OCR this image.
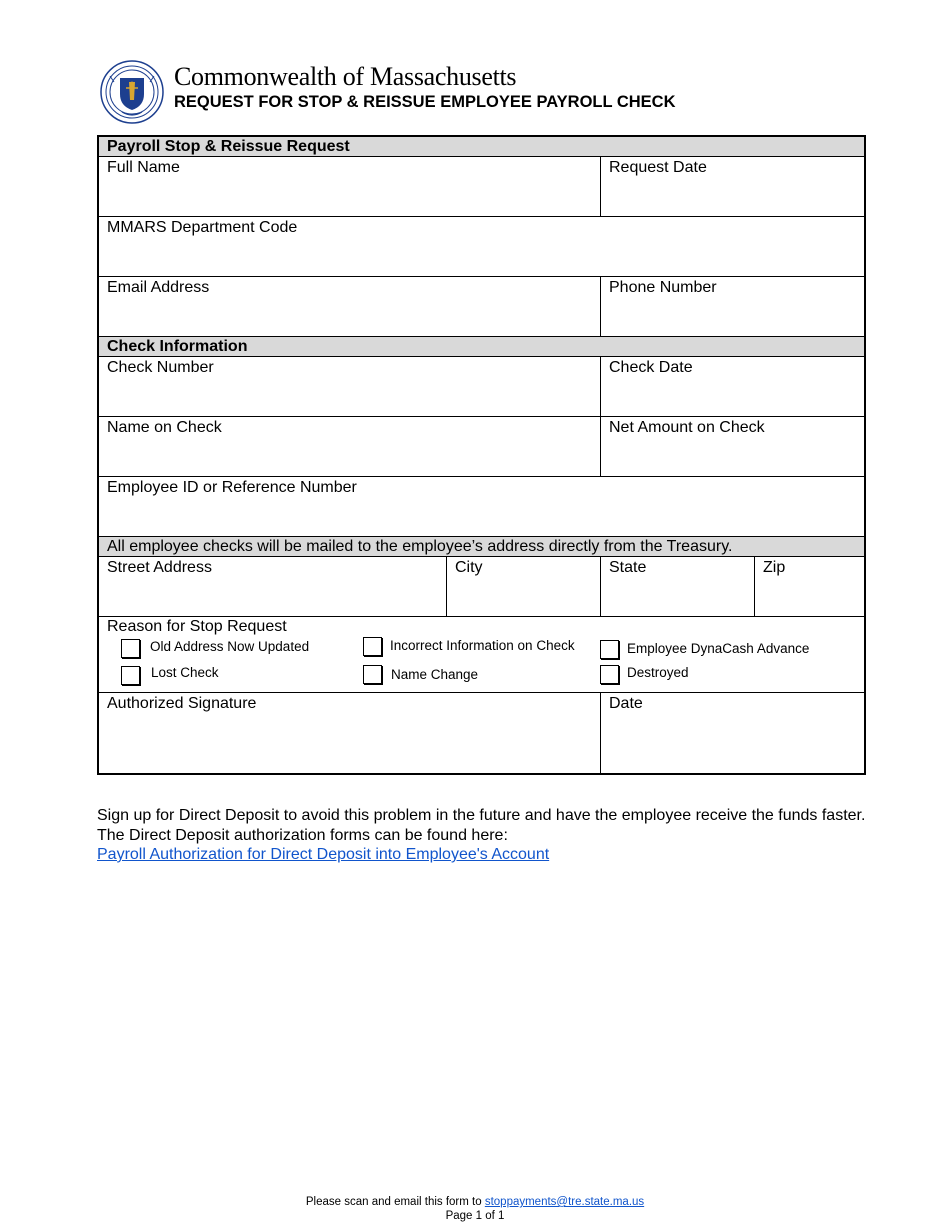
Commonwealth of Massachusetts
REQUEST FOR STOP & REISSUE EMPLOYEE PAYROLL CHECK
Payroll Stop & Reissue Request
Full Name	Request Date
MMARS Department Code
Email Address	Phone Number
Check Information
Check Number	Check Date
Name on Check	Net Amount on Check
Employee ID or Reference Number
All employee checks will be mailed to the employee’s address directly from the Treasury.
Street Address	City	State	Zip
Reason for Stop Request
Old Address Now Updated	Incorrect Information on Check	Employee DynaCash Advance
Lost Check	Name Change	Destroyed
Authorized Signature	Date
Sign up for Direct Deposit to avoid this problem in the future and have the employee receive the funds faster. The Direct Deposit authorization forms can be found here:
Payroll Authorization for Direct Deposit into Employee's Account
Please scan and email this form to stoppayments@tre.state.ma.us
Page 1 of 1
